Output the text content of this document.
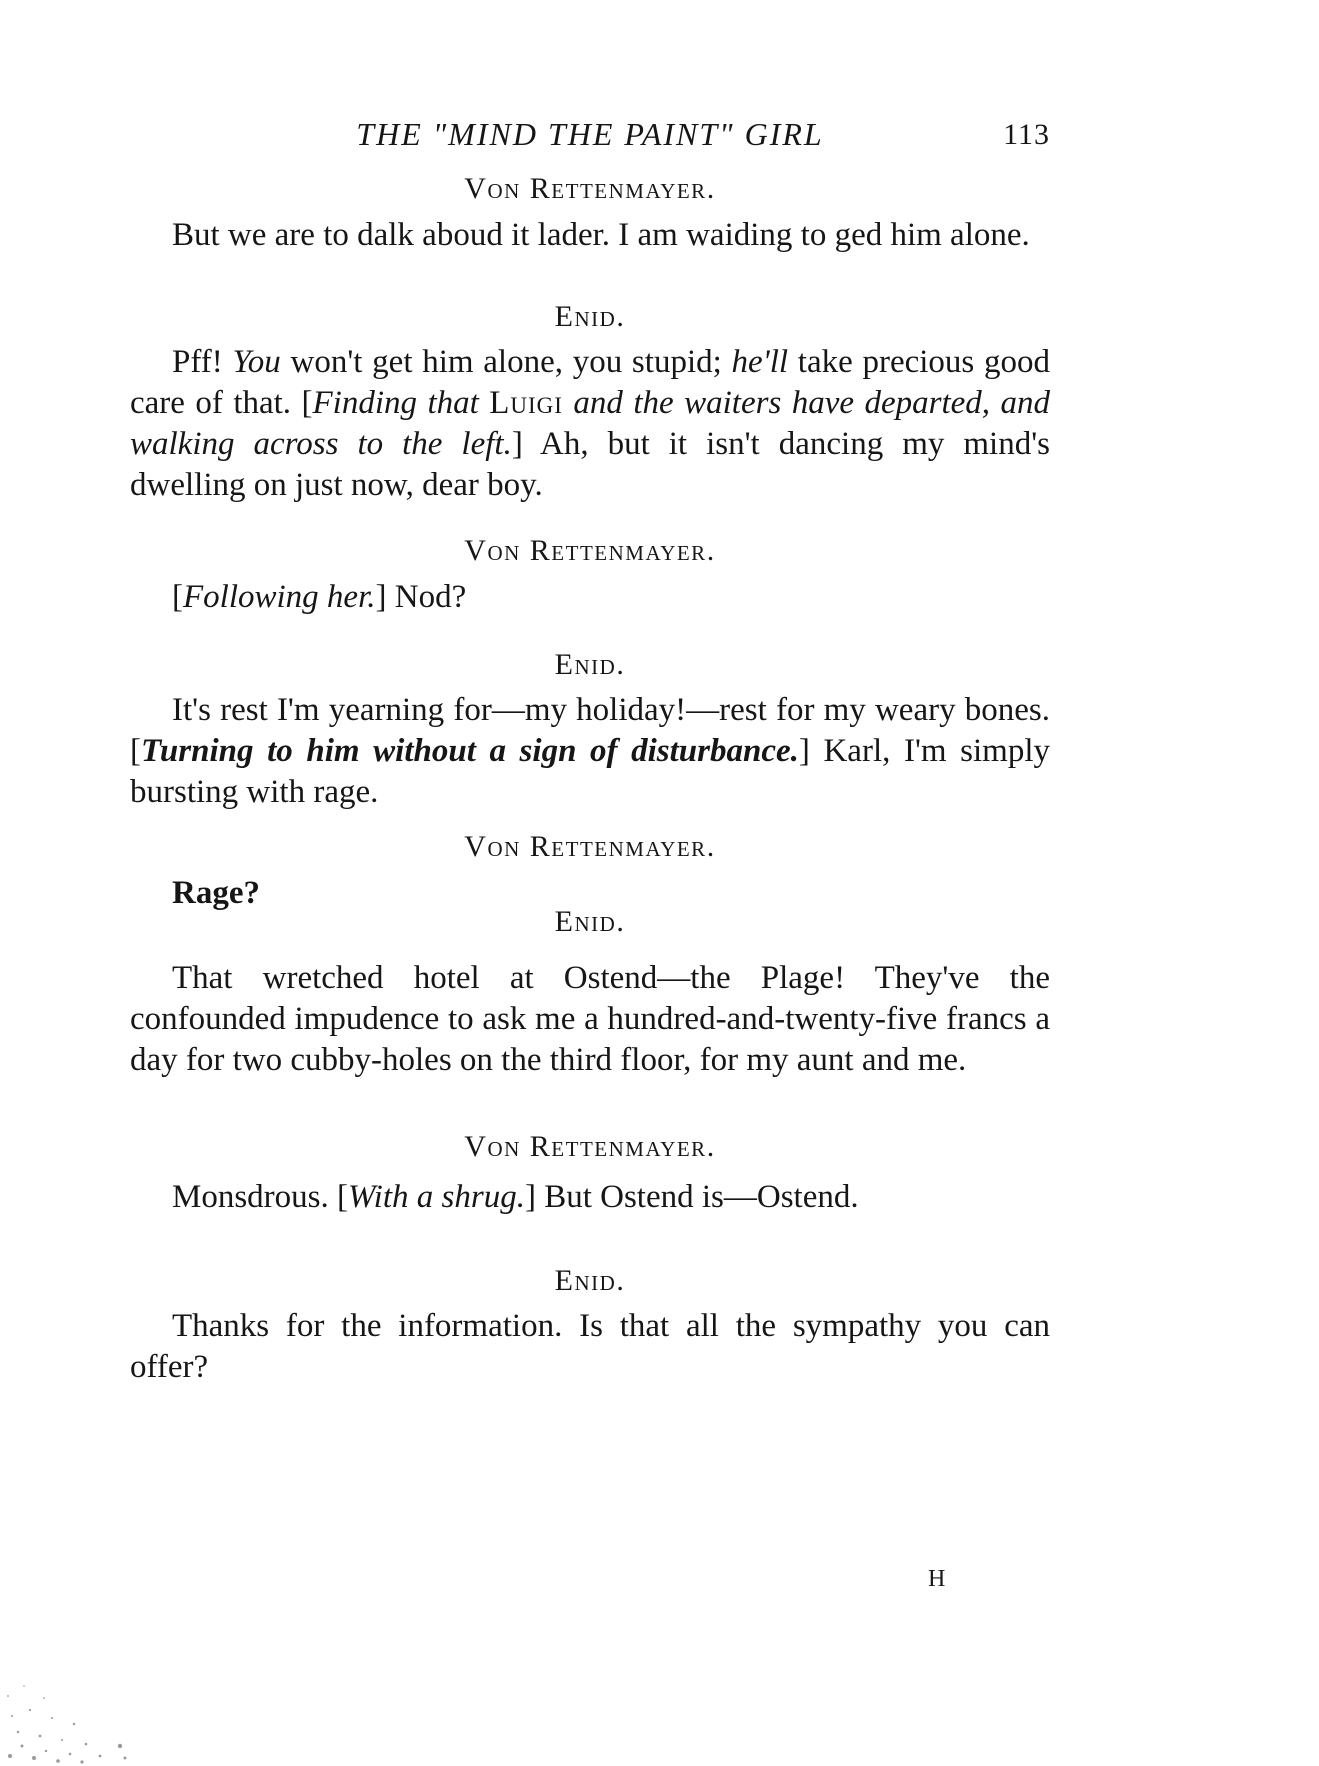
THE "MIND THE PAINT" GIRL	113
Von Rettenmayer.
But we are to dalk aboud it lader. I am waiding to ged him alone.
Enid.
Pff! You won't get him alone, you stupid; he'll take precious good care of that. [Finding that Luigi and the waiters have departed, and walking across to the left.] Ah, but it isn't dancing my mind's dwelling on just now, dear boy.
Von Rettenmayer.
[Following her.] Nod?
Enid.
It's rest I'm yearning for—my holiday!—rest for my weary bones. [Turning to him without a sign of disturbance.] Karl, I'm simply bursting with rage.
Von Rettenmayer.
Rage?
Enid.
That wretched hotel at Ostend—the Plage! They've the confounded impudence to ask me a hundred-and-twenty-five francs a day for two cubby-holes on the third floor, for my aunt and me.
Von Rettenmayer.
Monsdrous. [With a shrug.] But Ostend is—Ostend.
Enid.
Thanks for the information. Is that all the sympathy you can offer?
H
